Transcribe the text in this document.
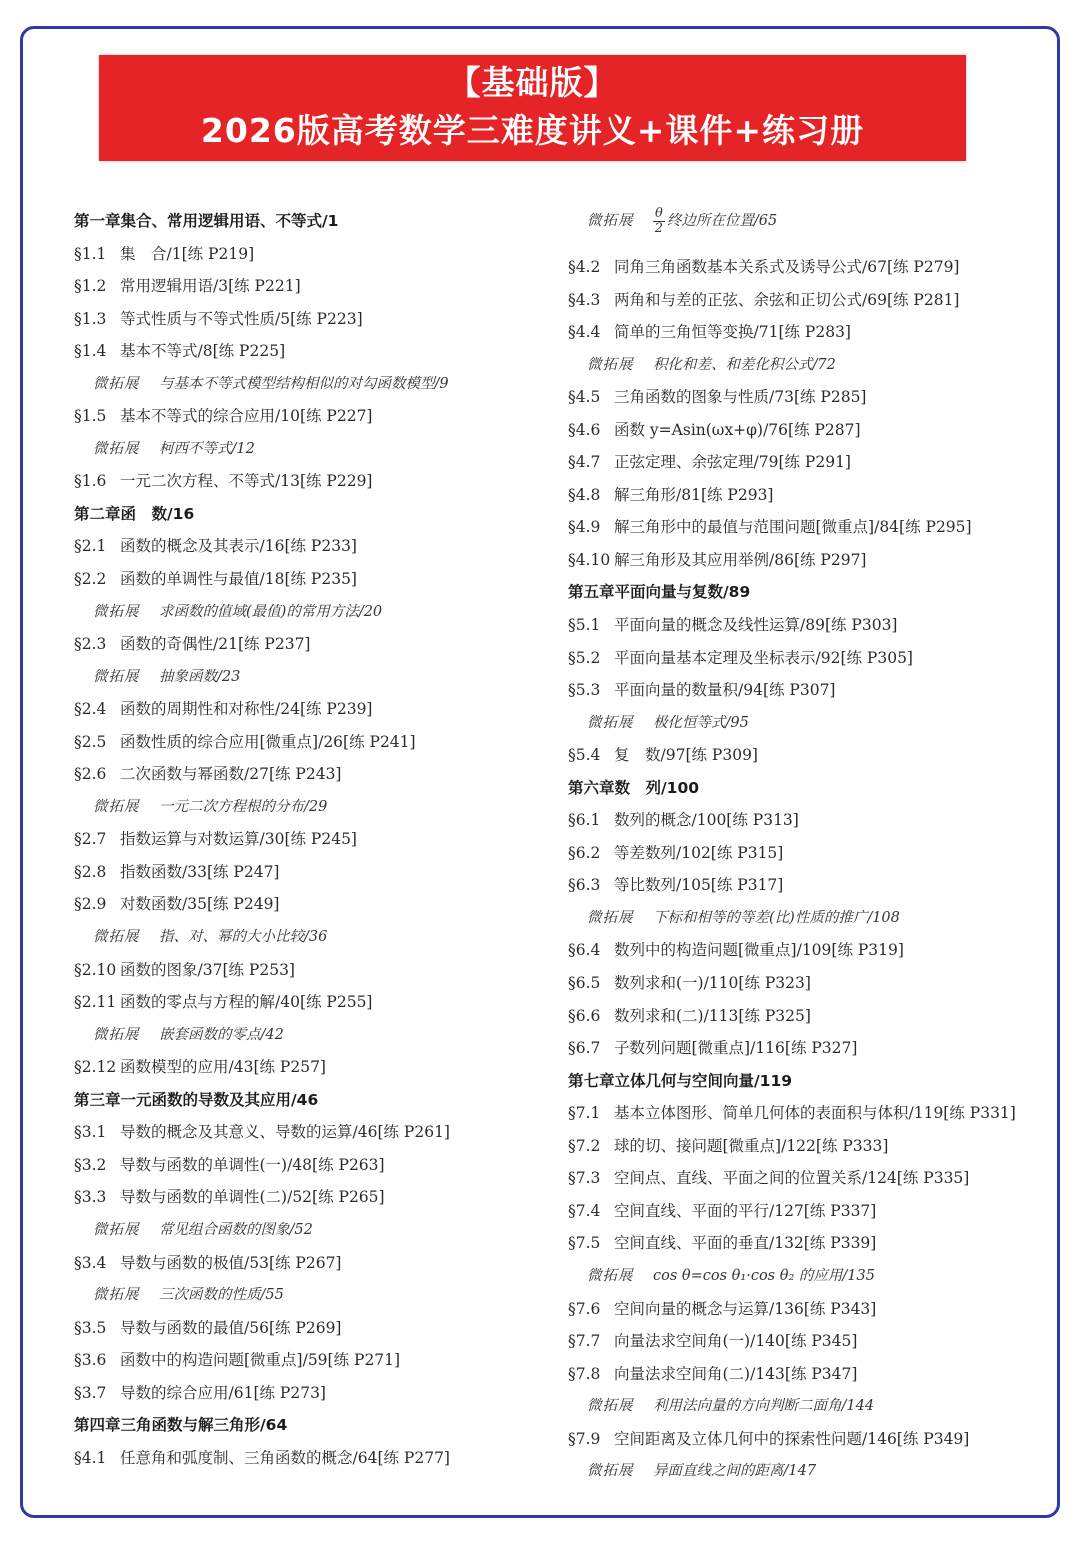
【基础版】
2026版高考数学三难度讲义+课件+练习册
第一章集合、常用逻辑用语、不等式/1
§1.1 集　合/1[练 P219]
§1.2 常用逻辑用语/3[练 P221]
§1.3 等式性质与不等式性质/5[练 P223]
§1.4 基本不等式/8[练 P225]
微拓展 与基本不等式模型结构相似的对勾函数模型/9
§1.5 基本不等式的综合应用/10[练 P227]
微拓展 柯西不等式/12
§1.6 一元二次方程、不等式/13[练 P229]
第二章函　数/16
§2.1 函数的概念及其表示/16[练 P233]
§2.2 函数的单调性与最值/18[练 P235]
微拓展 求函数的值域(最值)的常用方法/20
§2.3 函数的奇偶性/21[练 P237]
微拓展 抽象函数/23
§2.4 函数的周期性和对称性/24[练 P239]
§2.5 函数性质的综合应用[微重点]/26[练 P241]
§2.6 二次函数与幂函数/27[练 P243]
微拓展 一元二次方程根的分布/29
§2.7 指数运算与对数运算/30[练 P245]
§2.8 指数函数/33[练 P247]
§2.9 对数函数/35[练 P249]
微拓展 指、对、幂的大小比较/36
§2.10 函数的图象/37[练 P253]
§2.11 函数的零点与方程的解/40[练 P255]
微拓展 嵌套函数的零点/42
§2.12 函数模型的应用/43[练 P257]
第三章一元函数的导数及其应用/46
§3.1 导数的概念及其意义、导数的运算/46[练 P261]
§3.2 导数与函数的单调性(一)/48[练 P263]
§3.3 导数与函数的单调性(二)/52[练 P265]
微拓展 常见组合函数的图象/52
§3.4 导数与函数的极值/53[练 P267]
微拓展 三次函数的性质/55
§3.5 导数与函数的最值/56[练 P269]
§3.6 函数中的构造问题[微重点]/59[练 P271]
§3.7 导数的综合应用/61[练 P273]
第四章三角函数与解三角形/64
§4.1 任意角和弧度制、三角函数的概念/64[练 P277]
微拓展 $\frac{\theta}{2}$ 终边所在位置/65
§4.2 同角三角函数基本关系式及诱导公式/67[练 P279]
§4.3 两角和与差的正弦、余弦和正切公式/69[练 P281]
§4.4 简单的三角恒等变换/71[练 P283]
微拓展 积化和差、和差化积公式/72
§4.5 三角函数的图象与性质/73[练 P285]
§4.6 函数 y=Asin(ωx+φ)/76[练 P287]
§4.7 正弦定理、余弦定理/79[练 P291]
§4.8 解三角形/81[练 P293]
§4.9 解三角形中的最值与范围问题[微重点]/84[练 P295]
§4.10 解三角形及其应用举例/86[练 P297]
第五章平面向量与复数/89
§5.1 平面向量的概念及线性运算/89[练 P303]
§5.2 平面向量基本定理及坐标表示/92[练 P305]
§5.3 平面向量的数量积/94[练 P307]
微拓展 极化恒等式/95
§5.4 复　数/97[练 P309]
第六章数　列/100
§6.1 数列的概念/100[练 P313]
§6.2 等差数列/102[练 P315]
§6.3 等比数列/105[练 P317]
微拓展 下标和相等的等差(比)性质的推广/108
§6.4 数列中的构造问题[微重点]/109[练 P319]
§6.5 数列求和(一)/110[练 P323]
§6.6 数列求和(二)/113[练 P325]
§6.7 子数列问题[微重点]/116[练 P327]
第七章立体几何与空间向量/119
§7.1 基本立体图形、简单几何体的表面积与体积/119[练 P331]
§7.2 球的切、接问题[微重点]/122[练 P333]
§7.3 空间点、直线、平面之间的位置关系/124[练 P335]
§7.4 空间直线、平面的平行/127[练 P337]
§7.5 空间直线、平面的垂直/132[练 P339]
微拓展 cos θ=cos θ₁·cos θ₂ 的应用/135
§7.6 空间向量的概念与运算/136[练 P343]
§7.7 向量法求空间角(一)/140[练 P345]
§7.8 向量法求空间角(二)/143[练 P347]
微拓展 利用法向量的方向判断二面角/144
§7.9 空间距离及立体几何中的探索性问题/146[练 P349]
微拓展 异面直线之间的距离/147
